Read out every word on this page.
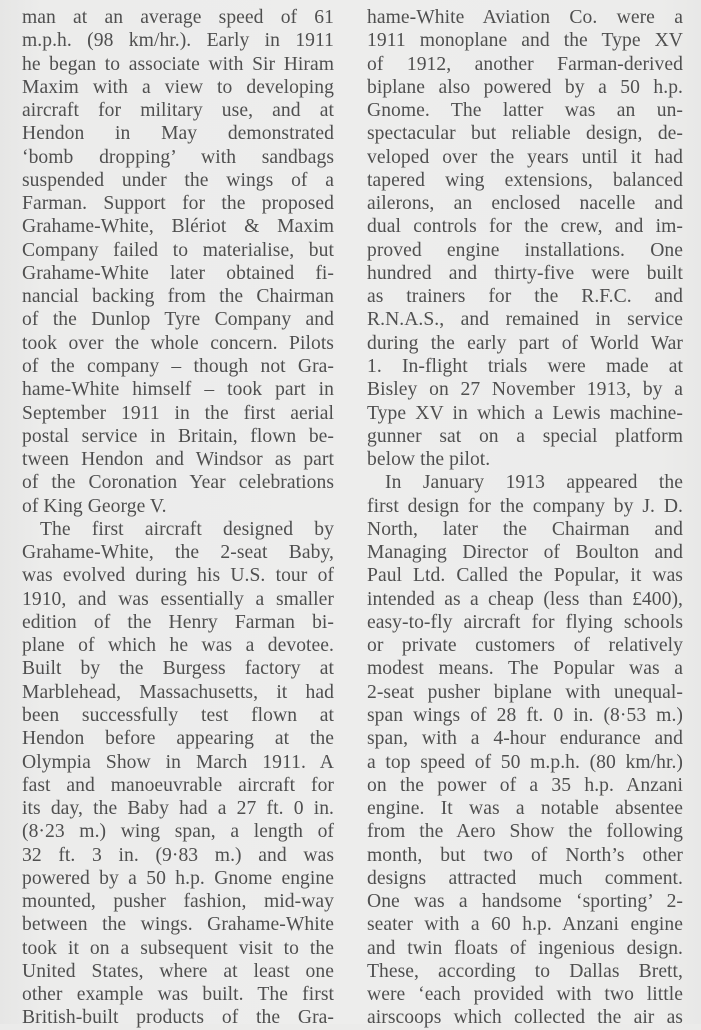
man at an average speed of 61
m.p.h. (98 km/hr.). Early in 1911
he began to associate with Sir Hiram
Maxim with a view to developing
aircraft for military use, and at
Hendon in May demonstrated
‘bomb dropping’ with sandbags
suspended under the wings of a
Farman. Support for the proposed
Grahame-White, Blériot & Maxim
Company failed to materialise, but
Grahame-White later obtained fi-
nancial backing from the Chairman
of the Dunlop Tyre Company and
took over the whole concern. Pilots
of the company – though not Gra-
hame-White himself – took part in
September 1911 in the first aerial
postal service in Britain, flown be-
tween Hendon and Windsor as part
of the Coronation Year celebrations
of King George V.
The first aircraft designed by
Grahame-White, the 2-seat Baby,
was evolved during his U.S. tour of
1910, and was essentially a smaller
edition of the Henry Farman bi-
plane of which he was a devotee.
Built by the Burgess factory at
Marblehead, Massachusetts, it had
been successfully test flown at
Hendon before appearing at the
Olympia Show in March 1911. A
fast and manoeuvrable aircraft for
its day, the Baby had a 27 ft. 0 in.
(8·23 m.) wing span, a length of
32 ft. 3 in. (9·83 m.) and was
powered by a 50 h.p. Gnome engine
mounted, pusher fashion, mid-way
between the wings. Grahame-White
took it on a subsequent visit to the
United States, where at least one
other example was built. The first
British-built products of the Gra-
hame-White Aviation Co. were a
1911 monoplane and the Type XV
of 1912, another Farman-derived
biplane also powered by a 50 h.p.
Gnome. The latter was an un-
spectacular but reliable design, de-
veloped over the years until it had
tapered wing extensions, balanced
ailerons, an enclosed nacelle and
dual controls for the crew, and im-
proved engine installations. One
hundred and thirty-five were built
as trainers for the R.F.C. and
R.N.A.S., and remained in service
during the early part of World War
1. In-flight trials were made at
Bisley on 27 November 1913, by a
Type XV in which a Lewis machine-
gunner sat on a special platform
below the pilot.
In January 1913 appeared the
first design for the company by J. D.
North, later the Chairman and
Managing Director of Boulton and
Paul Ltd. Called the Popular, it was
intended as a cheap (less than £400),
easy-to-fly aircraft for flying schools
or private customers of relatively
modest means. The Popular was a
2-seat pusher biplane with unequal-
span wings of 28 ft. 0 in. (8·53 m.)
span, with a 4-hour endurance and
a top speed of 50 m.p.h. (80 km/hr.)
on the power of a 35 h.p. Anzani
engine. It was a notable absentee
from the Aero Show the following
month, but two of North’s other
designs attracted much comment.
One was a handsome ‘sporting’ 2-
seater with a 60 h.p. Anzani engine
and twin floats of ingenious design.
These, according to Dallas Brett,
were ‘each provided with two little
airscoops which collected the air as
